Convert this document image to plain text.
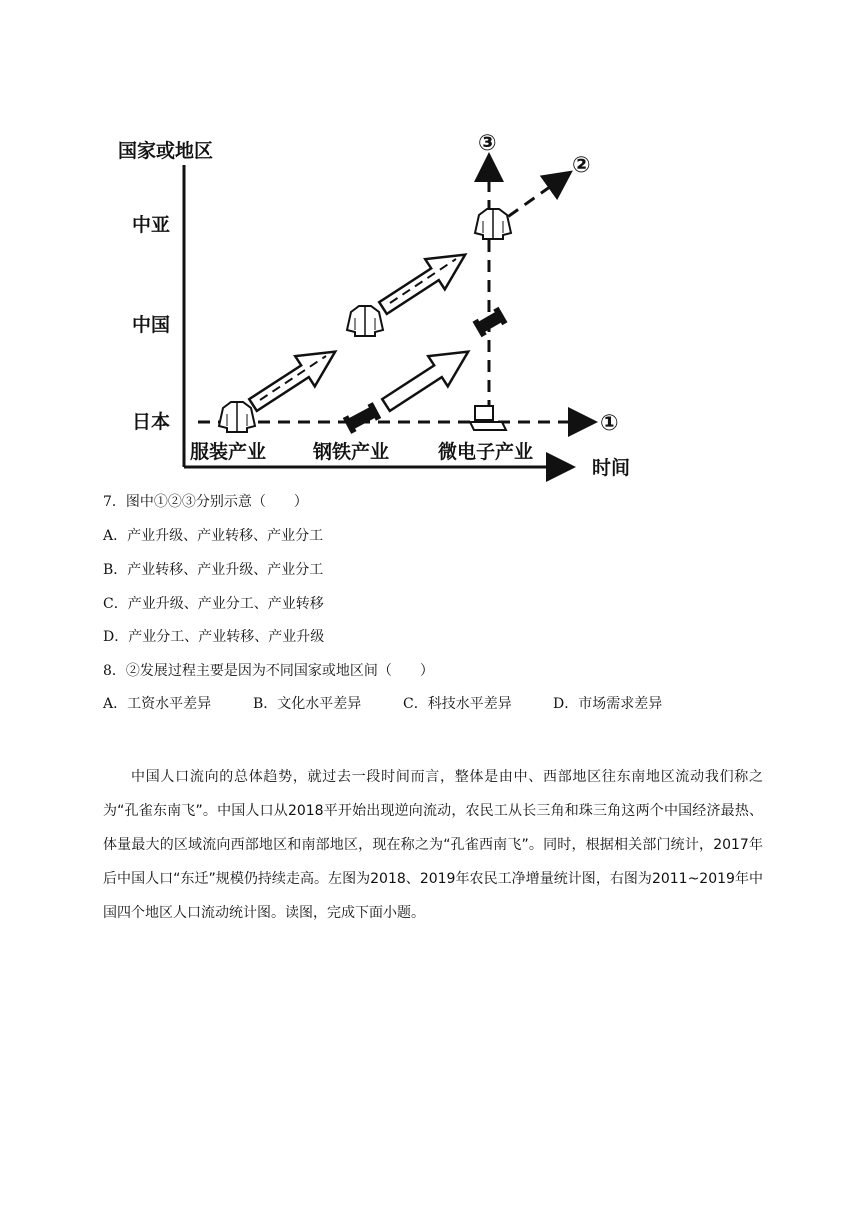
国家或地区
时间
中亚
中国
日本
服装产业 钢铁产业	微电子产业
①
③
②
7．图中①②③分别示意（　　）
A．产业升级、产业转移、产业分工
B．产业转移、产业升级、产业分工
C．产业升级、产业分工、产业转移
D．产业分工、产业转移、产业升级
8．②发展过程主要是因为不同国家或地区间（　　）
A．工资水平差异	B．文化水平差异	C．科技水平差异	D．市场需求差异

中国人口流向的总体趋势，就过去一段时间而言，整体是由中、西部地区往东南地区流动我们称之为“孔雀东南飞”。中国人口从2018平开始出现逆向流动，农民工从长三角和珠三角这两个中国经济最热、体量最大的区域流向西部地区和南部地区，现在称之为“孔雀西南飞”。同时，根据相关部门统计，2017年后中国人口“东迁”规模仍持续走高。左图为2018、2019年农民工净增量统计图，右图为2011~2019年中国四个地区人口流动统计图。读图，完成下面小题。
